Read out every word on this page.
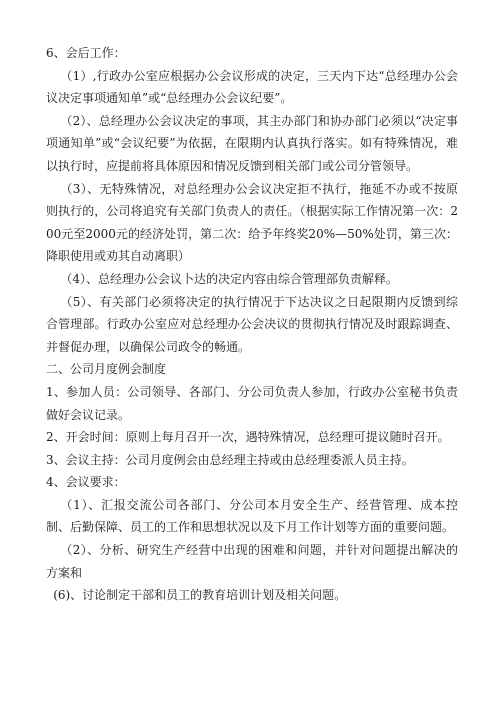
6、会后工作：

（1）,行政办公室应根据办公会议形成的决定，三天内下达“总经理办公会议决定事项通知单”或“总经理办公会议纪要”。

（2）、总经理办公会议决定的事项，其主办部门和协办部门必须以“决定事项通知单”或“会议纪要”为依据，在限期内认真执行落实。如有特殊情况，难以执行时，应提前将具体原因和情况反馈到相关部门或公司分管领导。

（3）、无特殊情况，对总经理办公会议决定拒不执行，拖延不办或不按原则执行的，公司将追究有关部门负责人的责任。（根据实际工作情况第一次：200元至2000元的经济处罚，第二次：给予年终奖20%—50%处罚，第三次：降职使用或劝其自动离职）

（4）、总经理办公会议卜达的决定内容由综合管理部负责解释。

（5）、有关部门必须将决定的执行情况于下达决议之日起限期内反馈到综合管理部。行政办公室应对总经理办公会决议的贯彻执行情况及时跟踪调查、并督促办理，以确保公司政令的畅通。

二、公司月度例会制度

1、参加人员：公司领导、各部门、分公司负责人参加，行政办公室秘书负责做好会议记录。

2、开会时间：原则上每月召开一次，遇特殊情况，总经理可提议随时召开。

3、会议主持：公司月度例会由总经理主持或由总经理委派人员主持。

4、会议要求：

（1）、汇报交流公司各部门、分公司本月安全生产、经营管理、成本控制、后勤保障、员工的工作和思想状况以及下月工作计划等方面的重要问题。

（2）、分析、研究生产经营中出现的困难和问题，并针对问题提出解决的方案和

(6)、讨论制定干部和员工的教育培训计划及相关问题。
